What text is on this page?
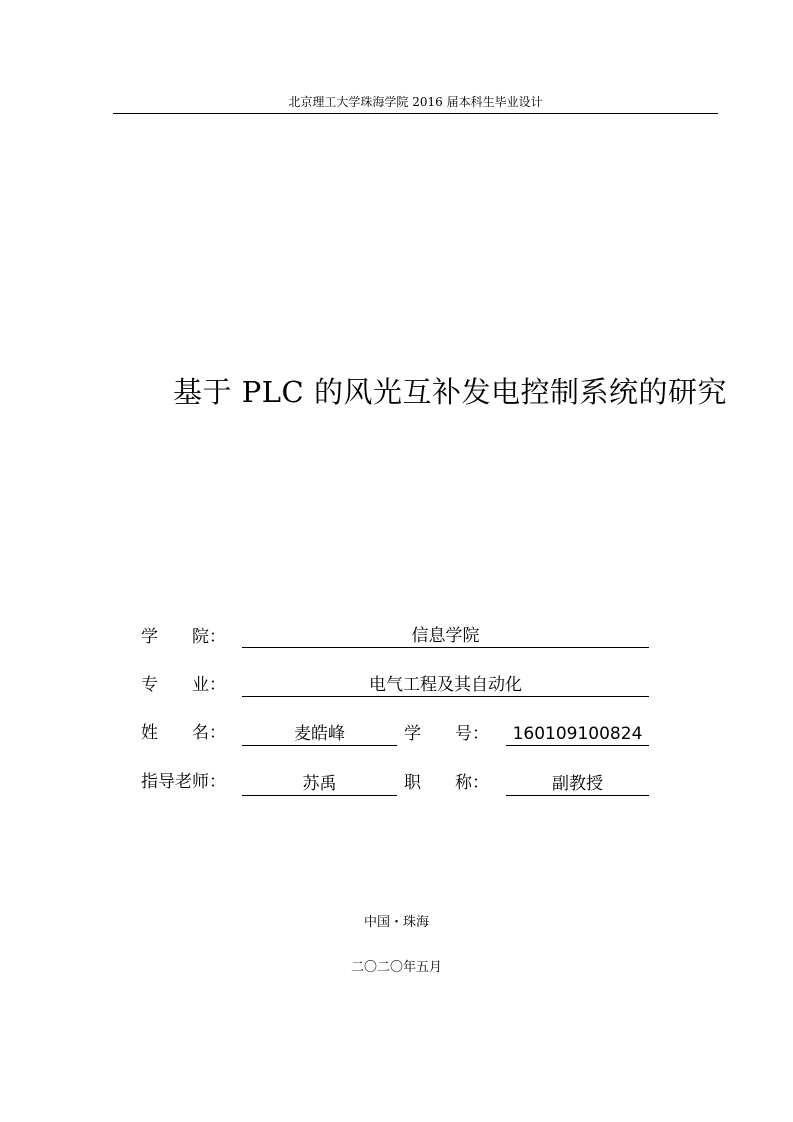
北京理工大学珠海学院 2016 届本科生毕业设计
基于 PLC 的风光互补发电控制系统的研究
学　　院：	信息学院
专　　业：	电气工程及其自动化
姓　　名：	麦皓峰	学　　号：	160109100824
指导老师：	苏禹	职　　称：	副教授
中国・珠海
二〇二〇年五月
